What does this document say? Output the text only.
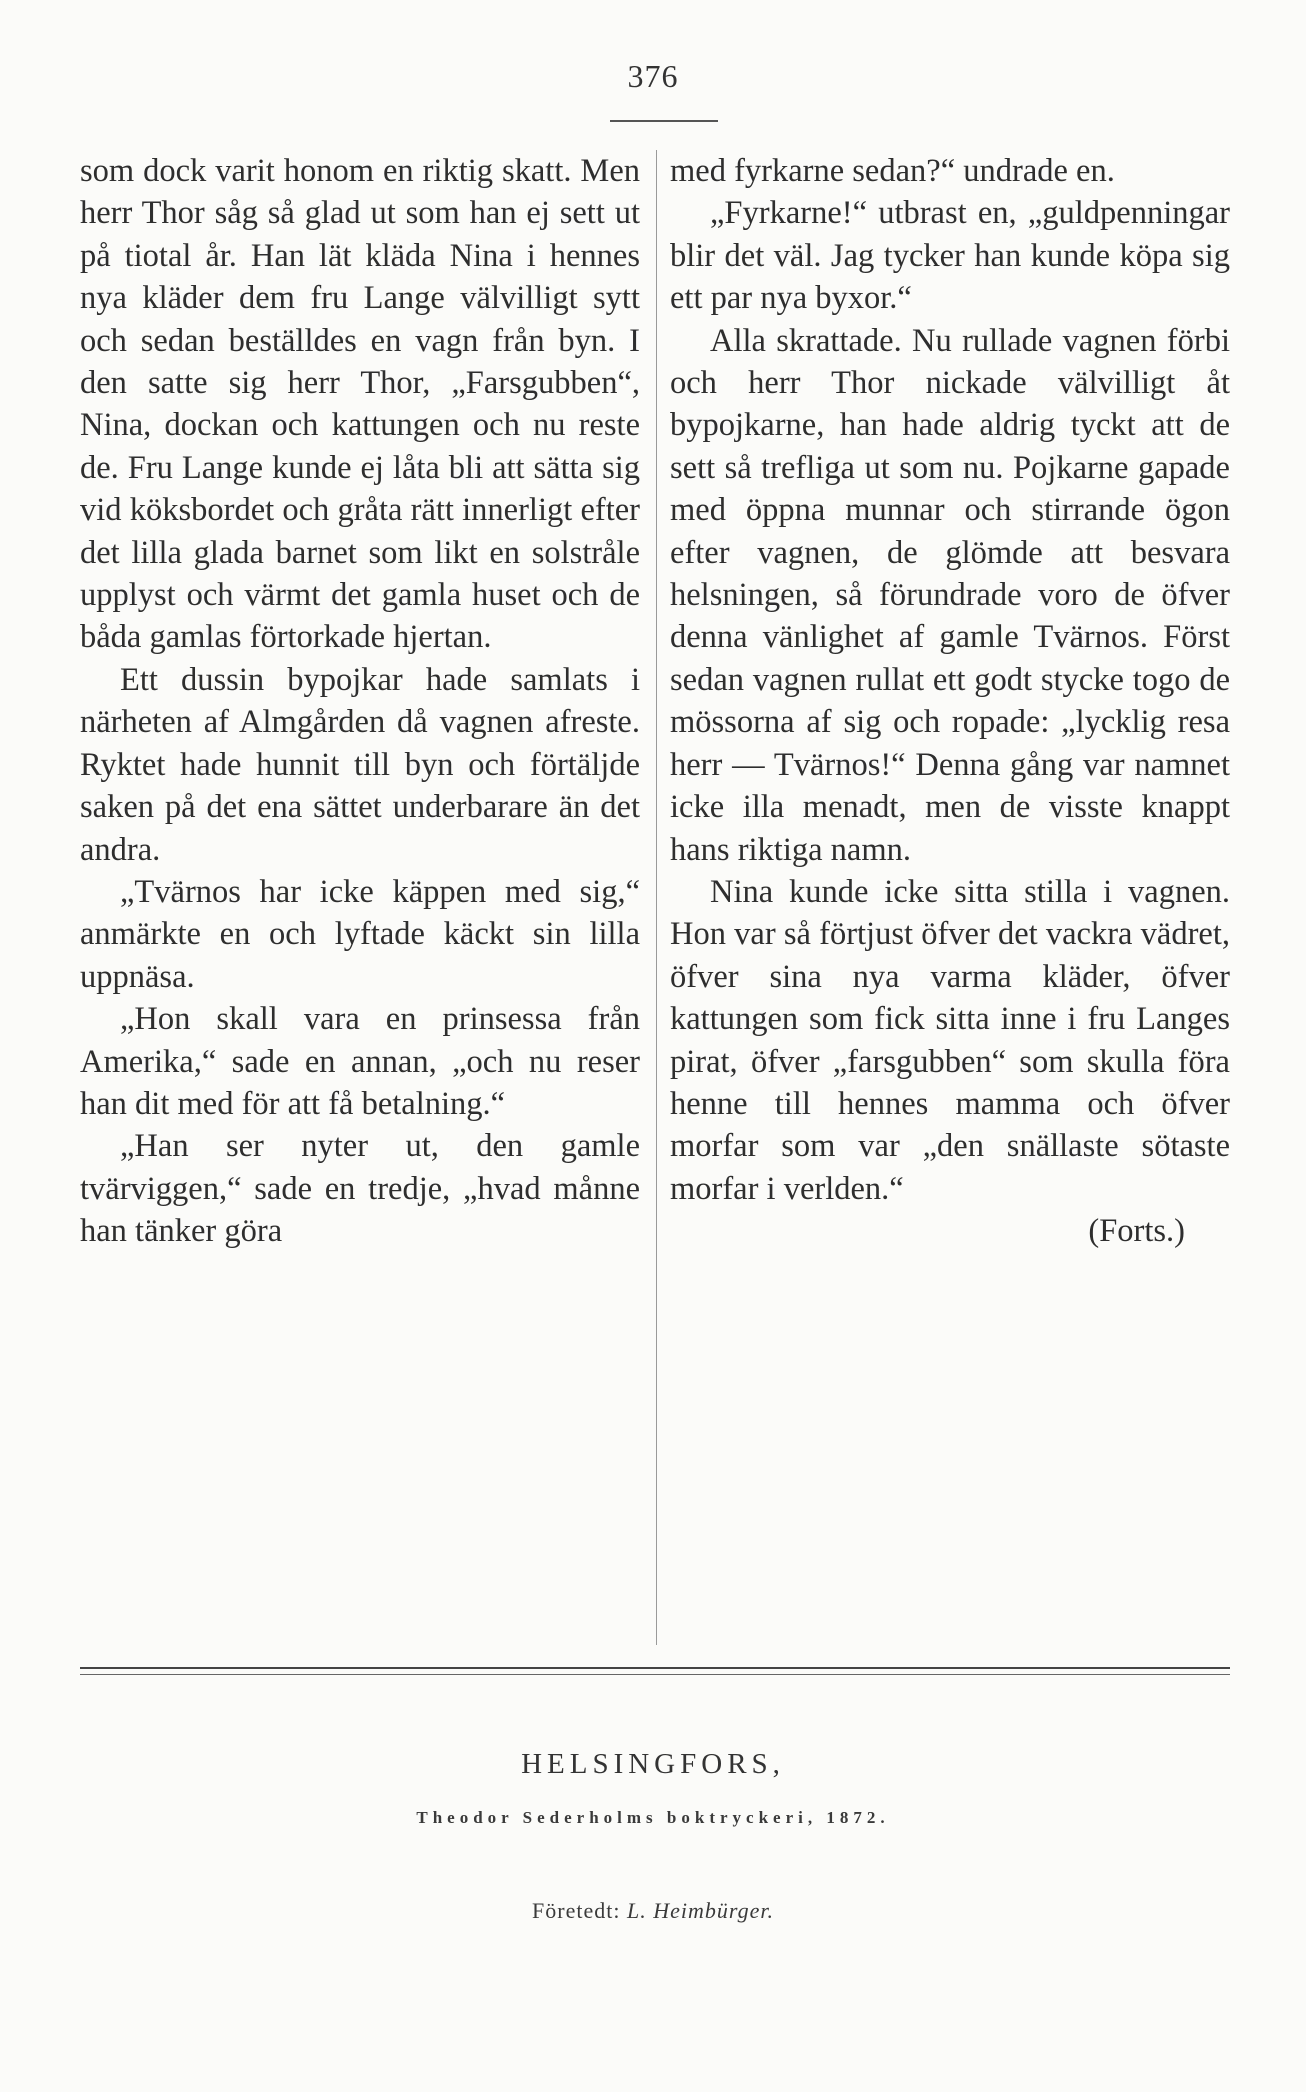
376

som dock varit honom en riktig skatt. Men herr Thor såg så glad ut som han ej sett ut på tiotal år. Han lät kläda Nina i hennes nya kläder dem fru Lange välvilligt sytt och sedan beställdes en vagn från byn. I den satte sig herr Thor, „Farsgubben“, Nina, dockan och kattungen och nu reste de. Fru Lange kunde ej låta bli att sätta sig vid köksbordet och gråta rätt innerligt efter det lilla glada barnet som likt en solstråle upplyst och värmt det gamla huset och de båda gamlas förtorkade hjertan.

Ett dussin bypojkar hade samlats i närheten af Almgården då vagnen afreste. Ryktet hade hunnit till byn och förtäljde saken på det ena sättet underbarare än det andra.

„Tvärnos har icke käppen med sig,“ anmärkte en och lyftade käckt sin lilla uppnäsa.

„Hon skall vara en prinsessa från Amerika,“ sade en annan, „och nu reser han dit med för att få betalning.“

„Han ser nyter ut, den gamle tvärviggen,“ sade en tredje, „hvad månne han tänker göra

med fyrkarne sedan?“ undrade en.

„Fyrkarne!“ utbrast en, „guldpenningar blir det väl. Jag tycker han kunde köpa sig ett par nya byxor.“

Alla skrattade. Nu rullade vagnen förbi och herr Thor nickade välvilligt åt bypojkarne, han hade aldrig tyckt att de sett så trefliga ut som nu. Pojkarne gapade med öppna munnar och stirrande ögon efter vagnen, de glömde att besvara helsningen, så förundrade voro de öfver denna vänlighet af gamle Tvärnos. Först sedan vagnen rullat ett godt stycke togo de mössorna af sig och ropade: „lycklig resa herr — Tvärnos!“ Denna gång var namnet icke illa menadt, men de visste knappt hans riktiga namn.

Nina kunde icke sitta stilla i vagnen. Hon var så förtjust öfver det vackra vädret, öfver sina nya varma kläder, öfver kattungen som fick sitta inne i fru Langes pirat, öfver „farsgubben“ som skulla föra henne till hennes mamma och öfver morfar som var „den snällaste sötaste morfar i verlden.“

(Forts.)

HELSINGFORS,
Theodor Sederholms boktryckeri, 1872.
Företedt: L. Heimbürger.
